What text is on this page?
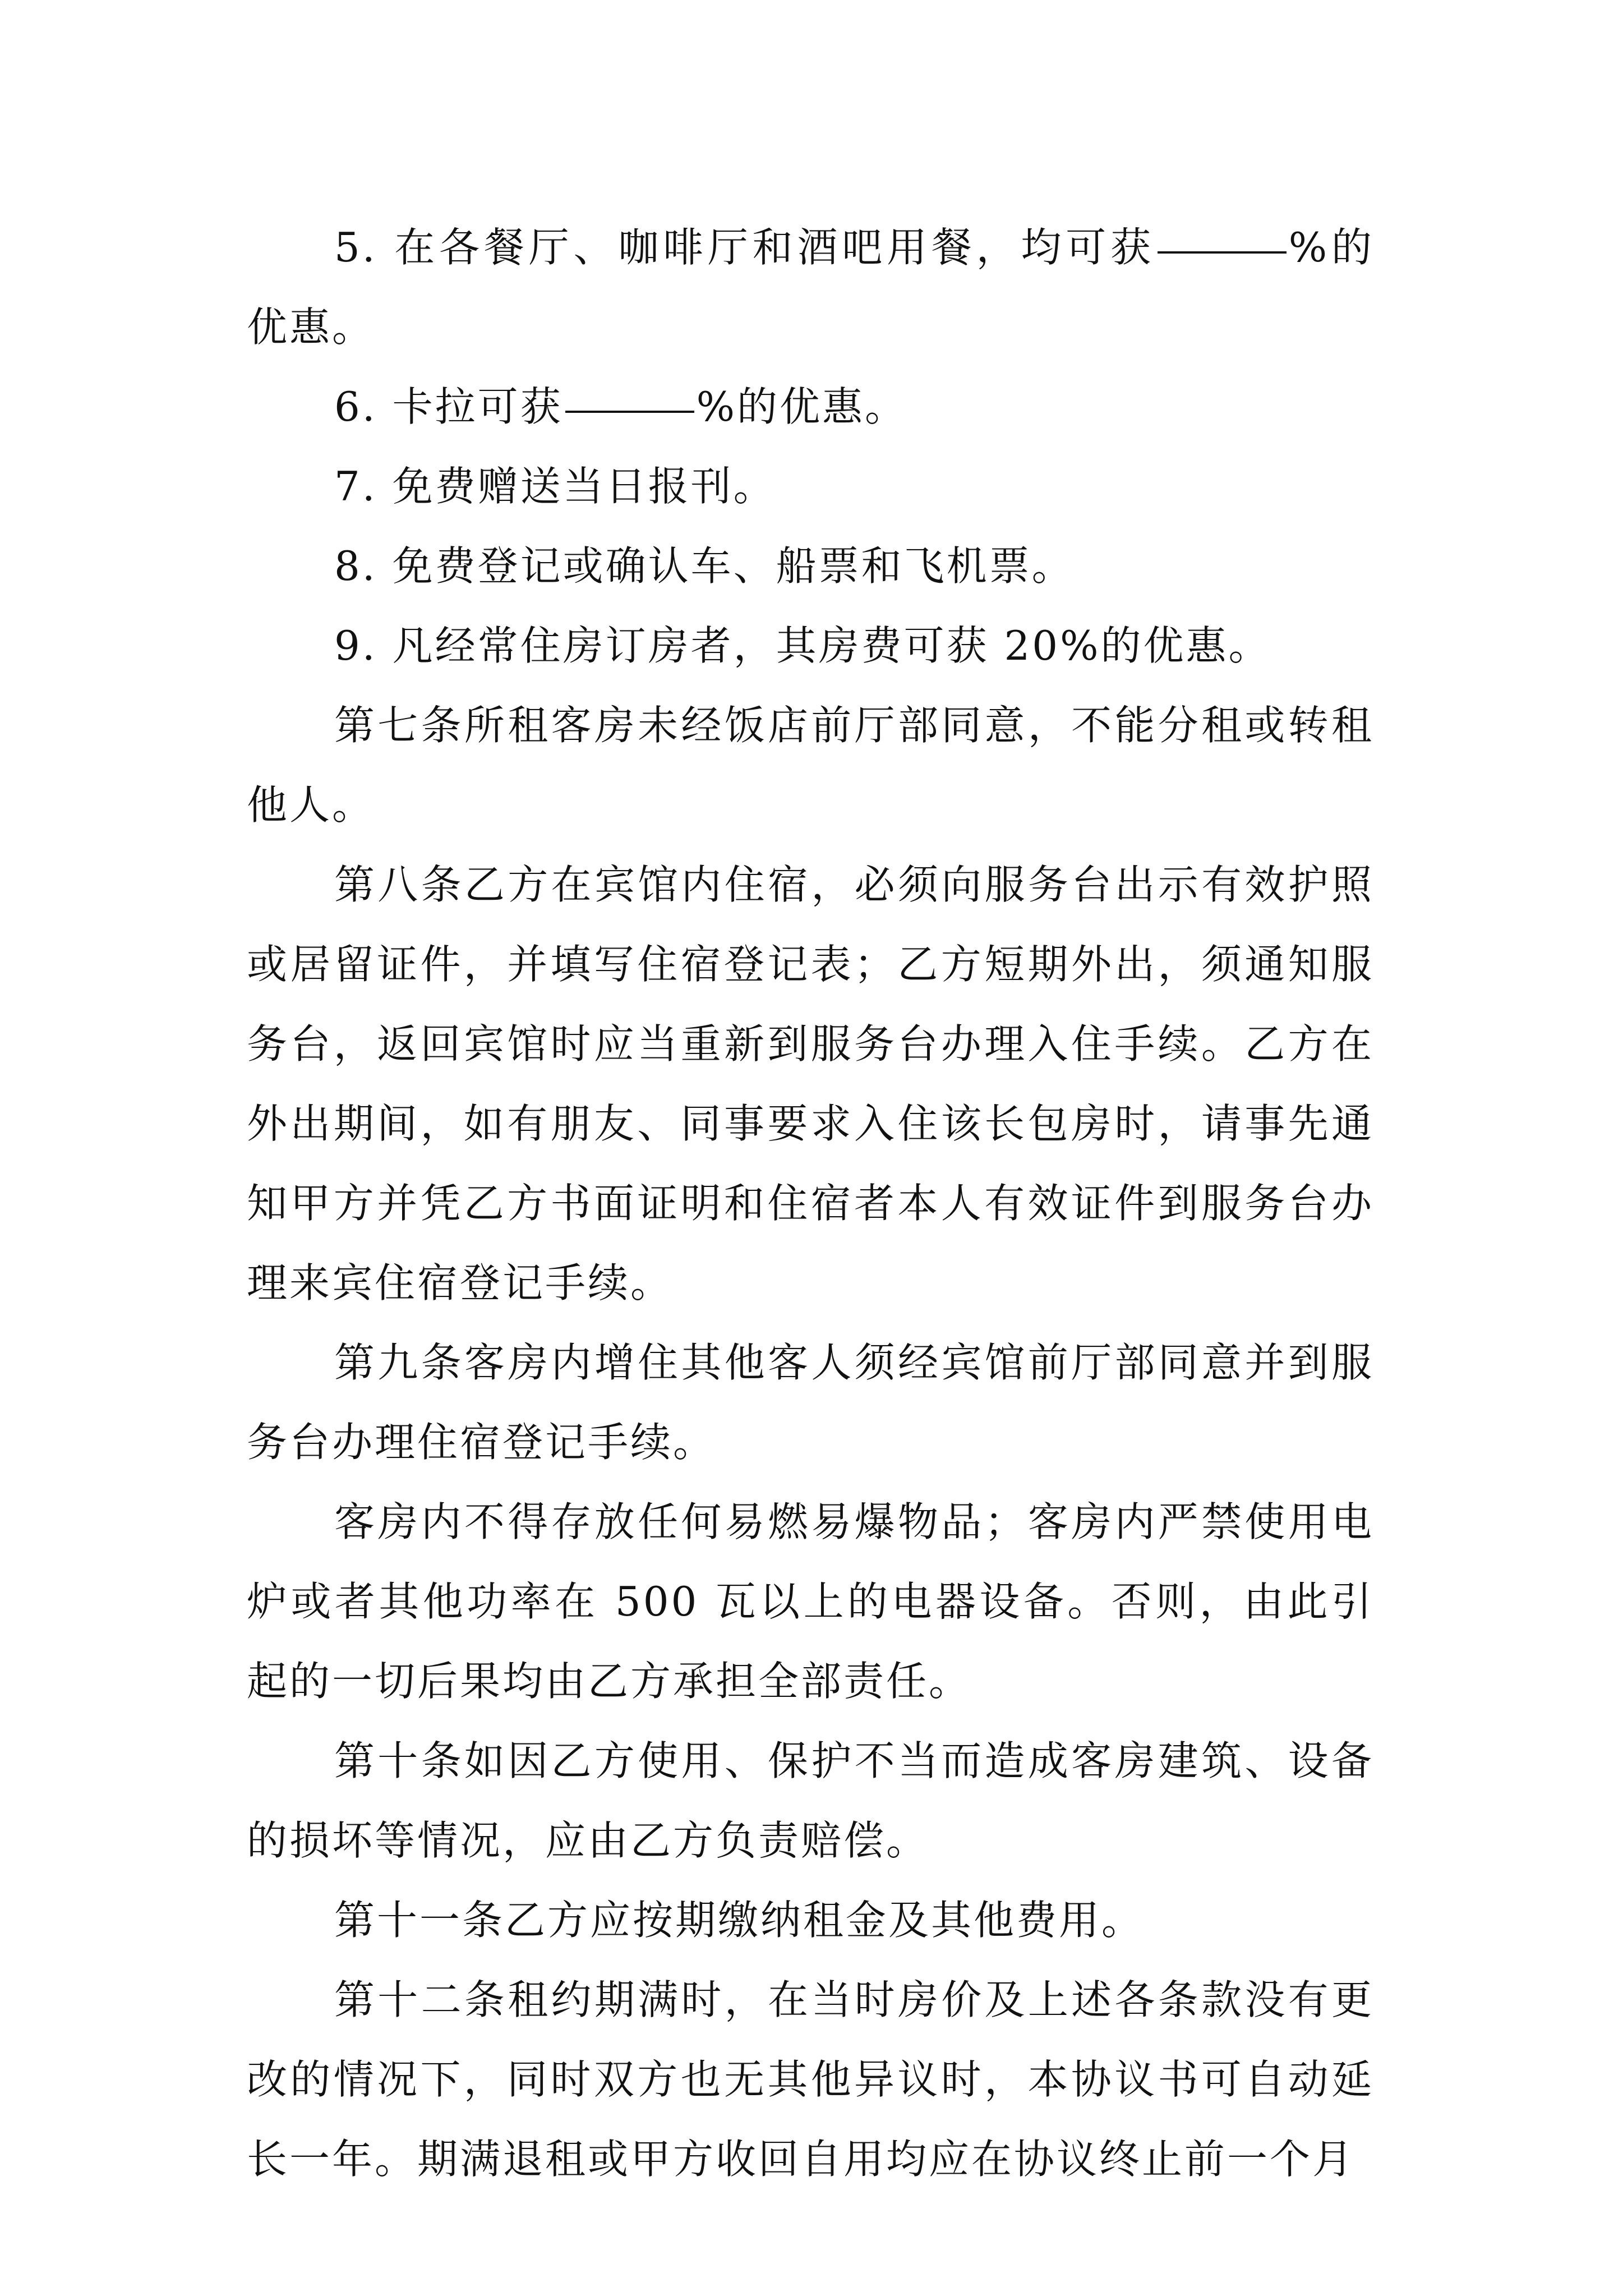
5. 在各餐厅、咖啡厅和酒吧用餐，均可获	%的优惠。

6. 卡拉可获	%的优惠。

7. 免费赠送当日报刊。

8. 免费登记或确认车、船票和飞机票。

9. 凡经常住房订房者，其房费可获 20%的优惠。

第七条所租客房未经饭店前厅部同意，不能分租或转租他人。

第八条乙方在宾馆内住宿，必须向服务台出示有效护照或居留证件，并填写住宿登记表；乙方短期外出，须通知服务台，返回宾馆时应当重新到服务台办理入住手续。乙方在外出期间，如有朋友、同事要求入住该长包房时，请事先通知甲方并凭乙方书面证明和住宿者本人有效证件到服务台办理来宾住宿登记手续。

第九条客房内增住其他客人须经宾馆前厅部同意并到服务台办理住宿登记手续。

客房内不得存放任何易燃易爆物品；客房内严禁使用电炉或者其他功率在 500 瓦以上的电器设备。否则，由此引起的一切后果均由乙方承担全部责任。

第十条如因乙方使用、保护不当而造成客房建筑、设备的损坏等情况，应由乙方负责赔偿。

第十一条乙方应按期缴纳租金及其他费用。

第十二条租约期满时，在当时房价及上述各条款没有更改的情况下，同时双方也无其他异议时，本协议书可自动延长一年。期满退租或甲方收回自用均应在协议终止前一个月
